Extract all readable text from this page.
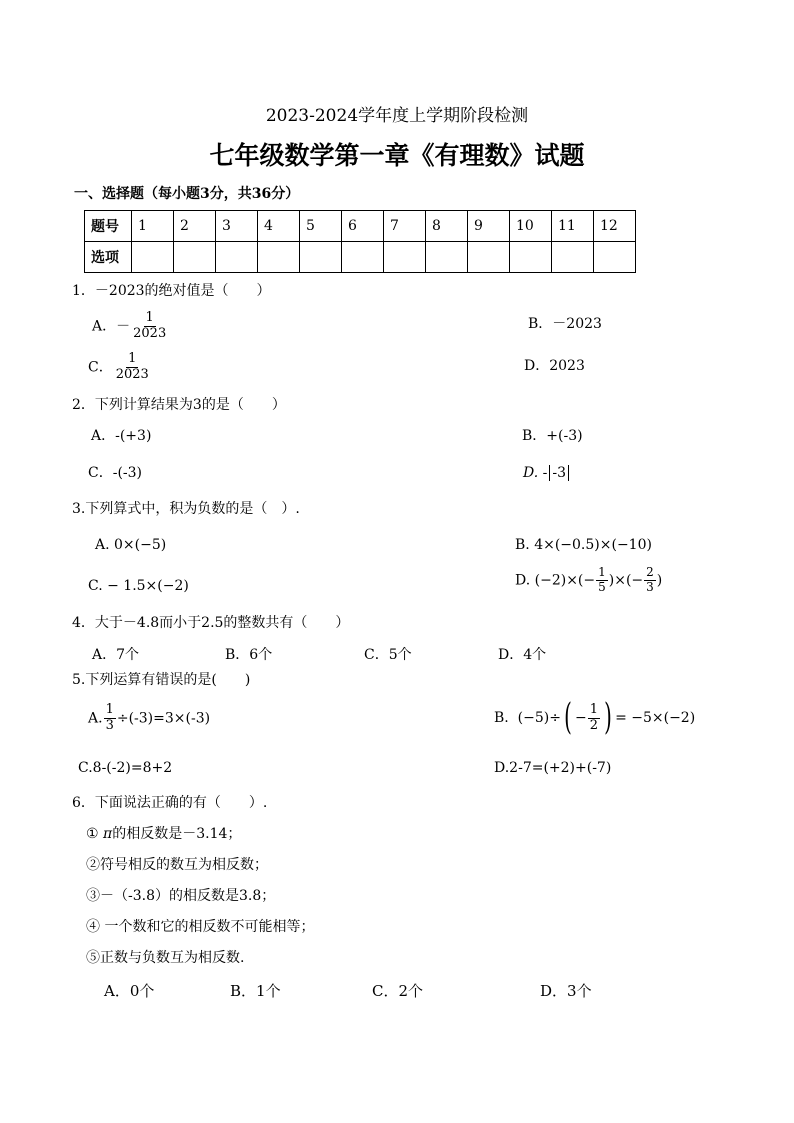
2023-2024学年度上学期阶段检测
七年级数学第一章《有理数》试题
一、选择题（每小题3分，共36分）
题号	1	2	3	4	5	6	7	8	9	10	11	12
选项												
1．－2023的绝对值是（　　）
A．－ $\frac{1}{2023}$	B．－2023
C． $\frac{1}{2023}$	D．2023
2．下列计算结果为3的是（　　）
A．-(+3)	B．+(-3)
C．-(-3)	D. - -3
3.下列算式中，积为负数的是（　）.
A. 0×(−5)	B. 4×(−0.5)×(−10)
C. − 1.5×(−2)	D. $(-2)\times(- \frac{1}{5}$ )×(− $\frac{2}{3}$ )
4．大于－4.8而小于2.5的整数共有（　　）
A．7个	B．6个	C．5个	D．4个
5.下列运算有错误的是(　　)
A. $\frac{1}{3} \div(-3)=3\times(-3)$	B. $(-5)\div( - \frac{1}{2}$ ) = −5×(−2)
C.8-(-2)=8+2	D.2-7=(+2)+(-7)
6．下面说法正确的有（　　）.
① π的相反数是－3.14；
②符号相反的数互为相反数；
③－（-3.8）的相反数是3.8；
④ 一个数和它的相反数不可能相等；
⑤正数与负数互为相反数.
A．0个	B．1个	C．2个	D．3个
